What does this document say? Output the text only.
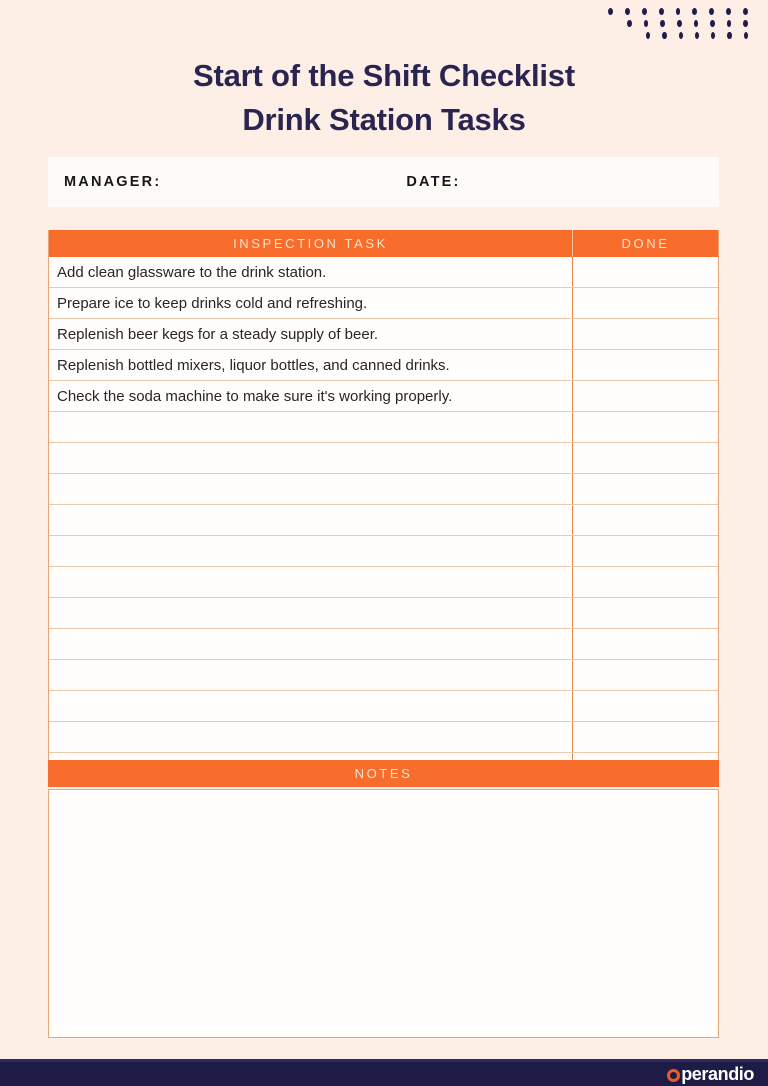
Start of the Shift Checklist
Drink Station Tasks
MANAGER:	DATE:
INSPECTION TASK	DONE
Add clean glassware to the drink station.
Prepare ice to keep drinks cold and refreshing.
Replenish beer kegs for a steady supply of beer.
Replenish bottled mixers, liquor bottles, and canned drinks.
Check the soda machine to make sure it's working properly.
NOTES
perandio
